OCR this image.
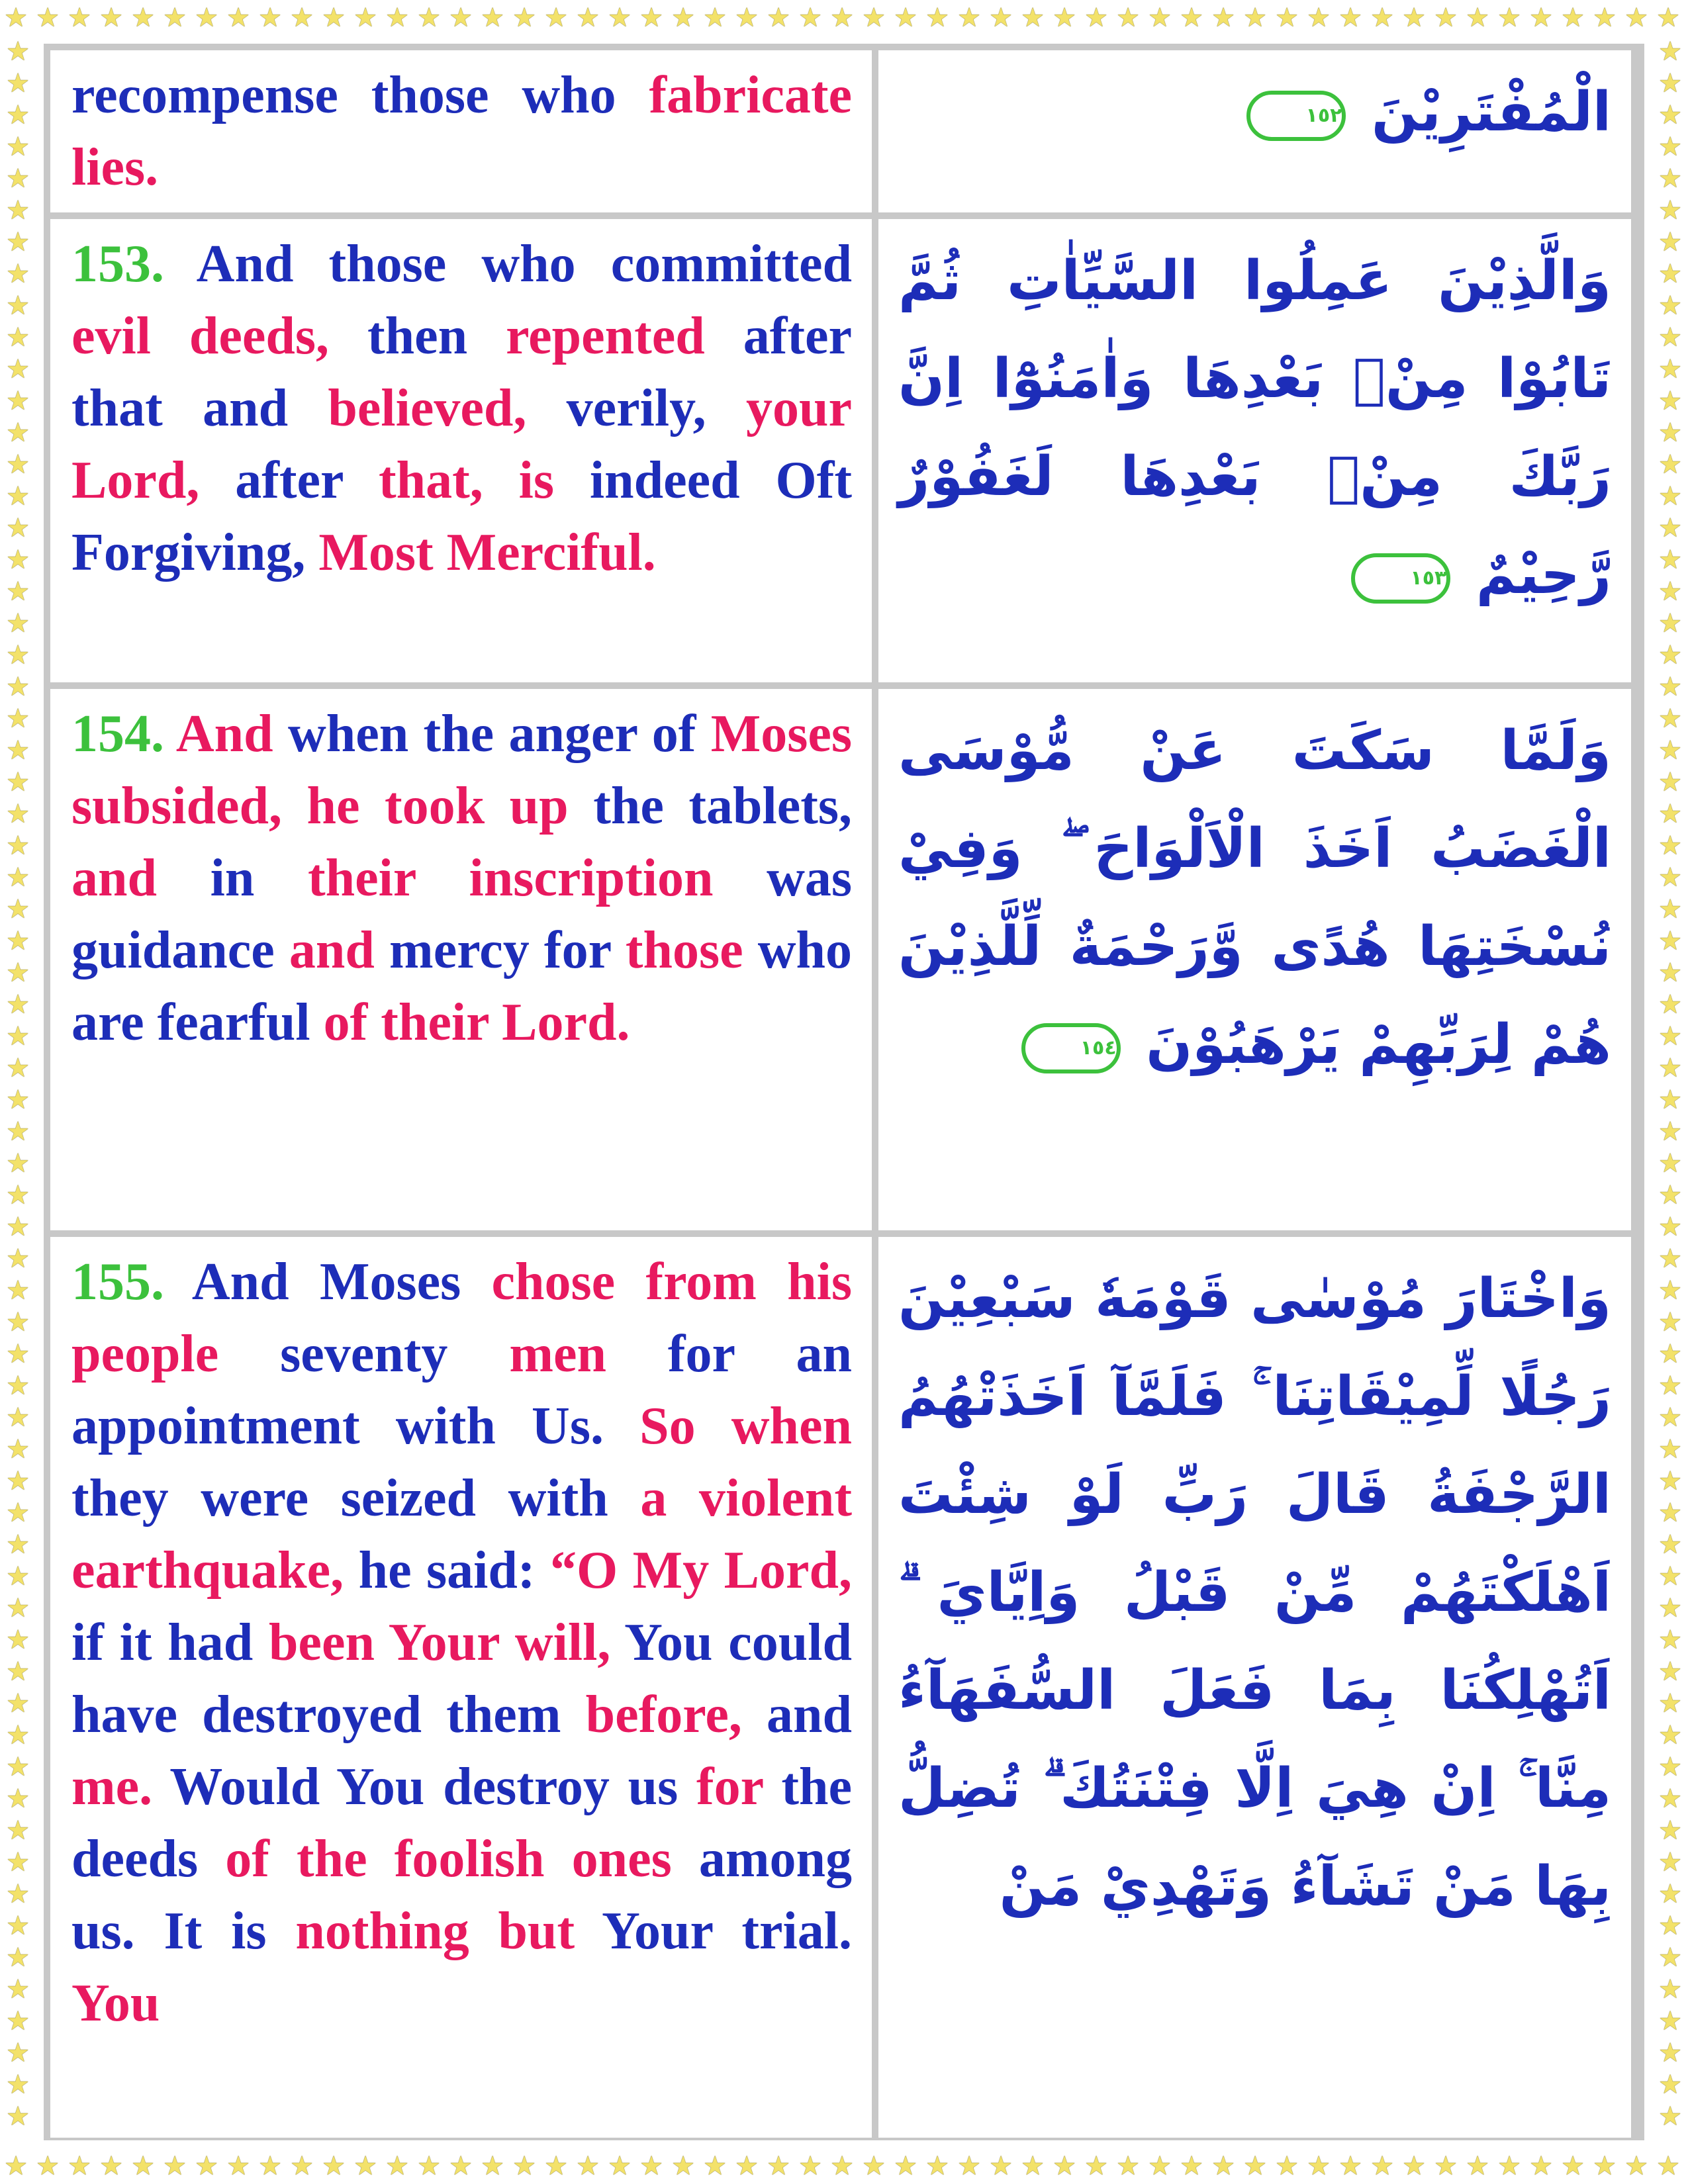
★ ★ ★ ★ ★ ★ ★ ★ ★ ★ ★ ★ ★ ★ ★ ★ ★ ★ ★ ★ ★ ★ ★ ★ ★ ★ ★ ★ ★ ★ ★ ★ ★ ★ ★ ★ ★ ★ ★ ★ ★ ★ ★ ★ ★ ★ ★ ★ ★ ★ ★ ★ ★
★ ★ ★ ★ ★ ★ ★ ★ ★ ★ ★ ★ ★ ★ ★ ★ ★ ★ ★ ★ ★ ★ ★ ★ ★ ★ ★ ★ ★ ★ ★ ★ ★ ★ ★ ★ ★ ★ ★ ★ ★ ★ ★ ★ ★ ★ ★ ★ ★ ★ ★ ★ ★
★
★
★
★
★
★
★
★
★
★
★
★
★
★
★
★
★
★
★
★
★
★
★
★
★
★
★
★
★
★
★
★
★
★
★
★
★
★
★
★
★
★
★
★
★
★
★
★
★
★
★
★
★
★
★
★
★
★
★
★
★
★
★
★
★
★
★
★
★
★
★
★
★
★
★
★
★
★
★
★
★
★
★
★
★
★
★
★
★
★
★
★
★
★
★
★
★
★
★
★
★
★
★
★
★
★
★
★
★
★
★
★
★
★
★
★
★
★
★
★
★
★
★
★
★
★
★
★
★
★
★
★

recompense those who fabricate lies.

الْمُفْتَرِيْنَ ١٥٢

153. And those who committed evil deeds, then repented after that and believed, verily, your Lord, after that, is indeed Oft Forgiving, Most Merciful.

وَالَّذِيْنَ عَمِلُوا السَّيِّاٰتِ ثُمَّ تَابُوْا مِنْۢ بَعْدِهَا وَاٰمَنُوْٓا اِنَّ رَبَّكَ مِنْۢ بَعْدِهَا لَغَفُوْرٌ رَّحِيْمٌ ١٥٣

154. And when the anger of Moses subsided, he took up the tablets, and in their inscription was guidance and mercy for those who are fearful of their Lord.

وَلَمَّا سَكَتَ عَنْ مُّوْسَى الْغَضَبُ اَخَذَ الْاَلْوَاحَ ۖ وَفِيْ نُسْخَتِهَا هُدًى وَّرَحْمَةٌ لِّلَّذِيْنَ هُمْ لِرَبِّهِمْ يَرْهَبُوْنَ ١٥٤

155. And Moses chose from his people seventy men for an appointment with Us. So when they were seized with a violent earthquake, he said: “O My Lord, if it had been Your will, You could have destroyed them before, and me. Would You destroy us for the deeds of the foolish ones among us. It is nothing but Your trial. You

وَاخْتَارَ مُوْسٰى قَوْمَهٗ سَبْعِيْنَ رَجُلًا لِّمِيْقَاتِنَا ۚ فَلَمَّآ اَخَذَتْهُمُ الرَّجْفَةُ قَالَ رَبِّ لَوْ شِئْتَ اَهْلَكْتَهُمْ مِّنْ قَبْلُ وَاِيَّايَ ۗ اَتُهْلِكُنَا بِمَا فَعَلَ السُّفَهَآءُ مِنَّا ۚ اِنْ هِيَ اِلَّا فِتْنَتُكَ ۗ تُضِلُّ بِهَا مَنْ تَشَآءُ وَتَهْدِيْ مَنْ
